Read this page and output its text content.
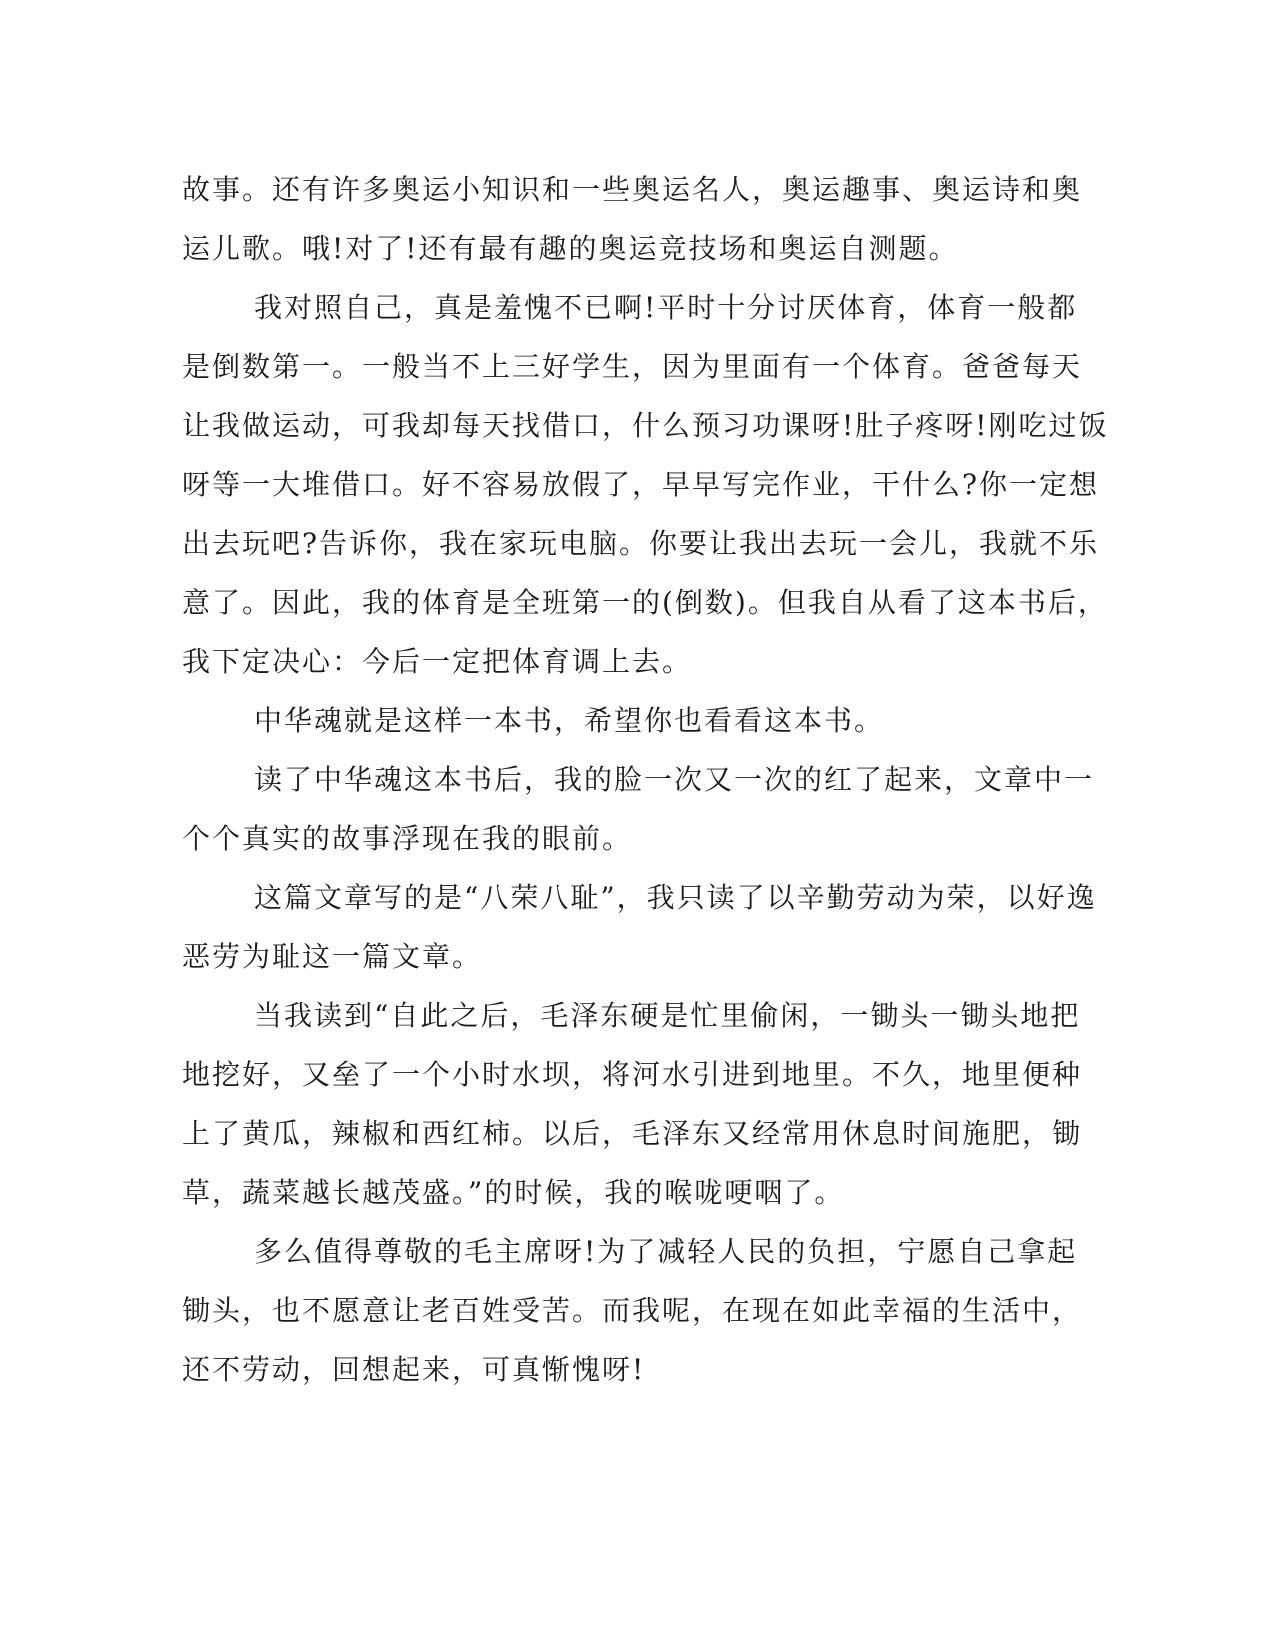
故事。还有许多奥运小知识和一些奥运名人，奥运趣事、奥运诗和奥
运儿歌。哦!对了!还有最有趣的奥运竞技场和奥运自测题。
我对照自己，真是羞愧不已啊!平时十分讨厌体育，体育一般都
是倒数第一。一般当不上三好学生，因为里面有一个体育。爸爸每天
让我做运动，可我却每天找借口，什么预习功课呀!肚子疼呀!刚吃过饭
呀等一大堆借口。好不容易放假了，早早写完作业，干什么?你一定想
出去玩吧?告诉你，我在家玩电脑。你要让我出去玩一会儿，我就不乐
意了。因此，我的体育是全班第一的(倒数)。但我自从看了这本书后，
我下定决心：今后一定把体育调上去。
中华魂就是这样一本书，希望你也看看这本书。
读了中华魂这本书后，我的脸一次又一次的红了起来，文章中一
个个真实的故事浮现在我的眼前。
这篇文章写的是“八荣八耻”，我只读了以辛勤劳动为荣，以好逸
恶劳为耻这一篇文章。
当我读到“自此之后，毛泽东硬是忙里偷闲，一锄头一锄头地把
地挖好，又垒了一个小时水坝，将河水引进到地里。不久，地里便种
上了黄瓜，辣椒和西红柿。以后，毛泽东又经常用休息时间施肥，锄
草，蔬菜越长越茂盛。”的时候，我的喉咙哽咽了。
多么值得尊敬的毛主席呀!为了减轻人民的负担，宁愿自己拿起
锄头，也不愿意让老百姓受苦。而我呢，在现在如此幸福的生活中，
还不劳动，回想起来，可真惭愧呀!
